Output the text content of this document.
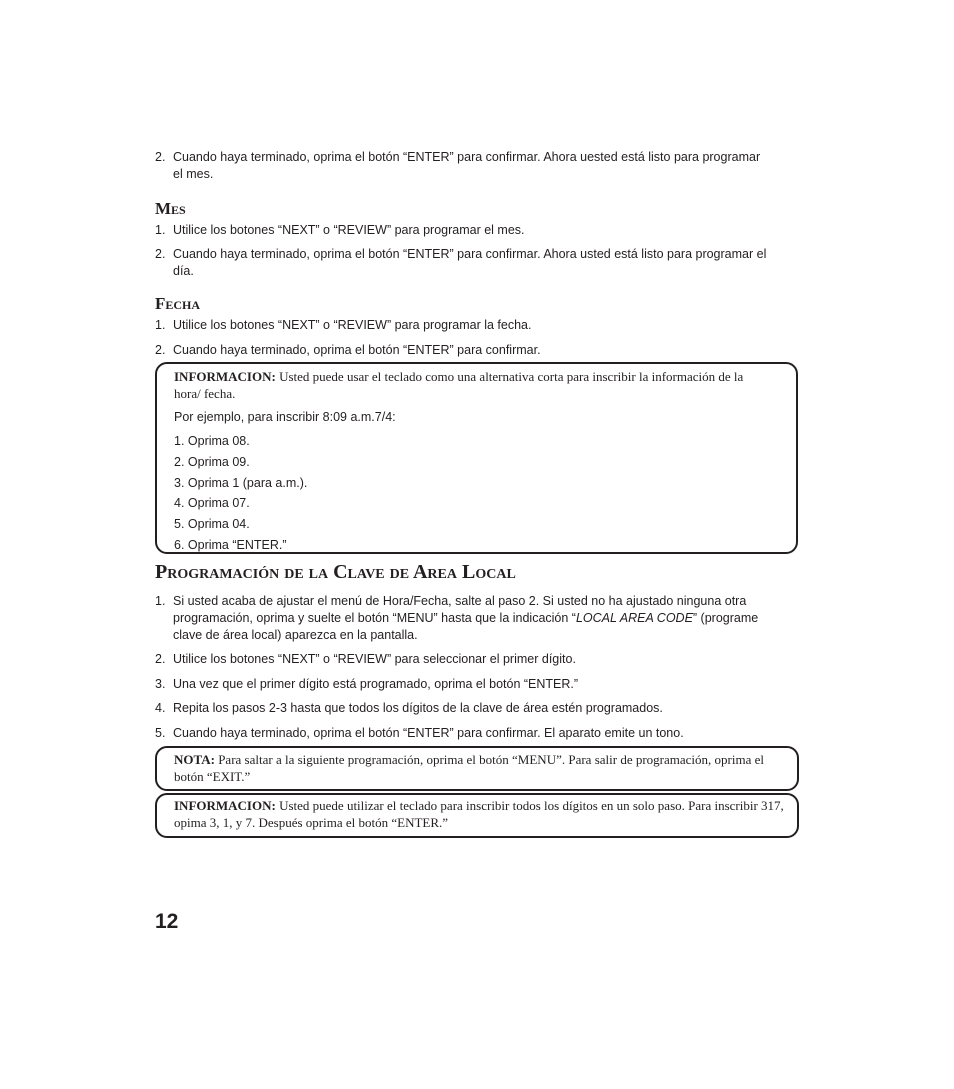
2. Cuando haya terminado, oprima el botón “ENTER” para confirmar. Ahora uested está listo para programar el mes.
Mes
1. Utilice los botones “NEXT” o “REVIEW” para programar el mes.
2. Cuando haya terminado, oprima el botón “ENTER” para confirmar. Ahora usted está listo para programar el día.
Fecha
1. Utilice los botones “NEXT” o “REVIEW” para programar la fecha.
2. Cuando haya terminado, oprima el botón “ENTER” para confirmar.
INFORMACION: Usted puede usar el teclado como una alternativa corta para inscribir la información de la hora/ fecha.
Por ejemplo, para inscribir 8:09 a.m.7/4:
1. Oprima 08.
2. Oprima 09.
3. Oprima 1 (para a.m.).
4. Oprima 07.
5. Oprima 04.
6. Oprima “ENTER.”
Programación de la Clave de Area Local
1. Si usted acaba de ajustar el menú de Hora/Fecha, salte al paso 2. Si usted no ha ajustado ninguna otra programación, oprima y suelte el botón “MENU” hasta que la indicación “LOCAL AREA CODE” (programe clave de área local) aparezca en la pantalla.
2. Utilice los botones “NEXT” o “REVIEW” para seleccionar el primer dígito.
3. Una vez que el primer dígito está programado, oprima el botón “ENTER.”
4. Repita los pasos 2-3 hasta que todos los dígitos de la clave de área estén programados.
5. Cuando haya terminado, oprima el botón “ENTER” para confirmar. El aparato emite un tono.
NOTA: Para saltar a la siguiente programación, oprima el botón “MENU”. Para salir de programación, oprima el botón “EXIT.”
INFORMACION: Usted puede utilizar el teclado para inscribir todos los dígitos en un solo paso. Para inscribir 317, opima 3, 1, y 7. Después oprima el botón “ENTER.”
12
